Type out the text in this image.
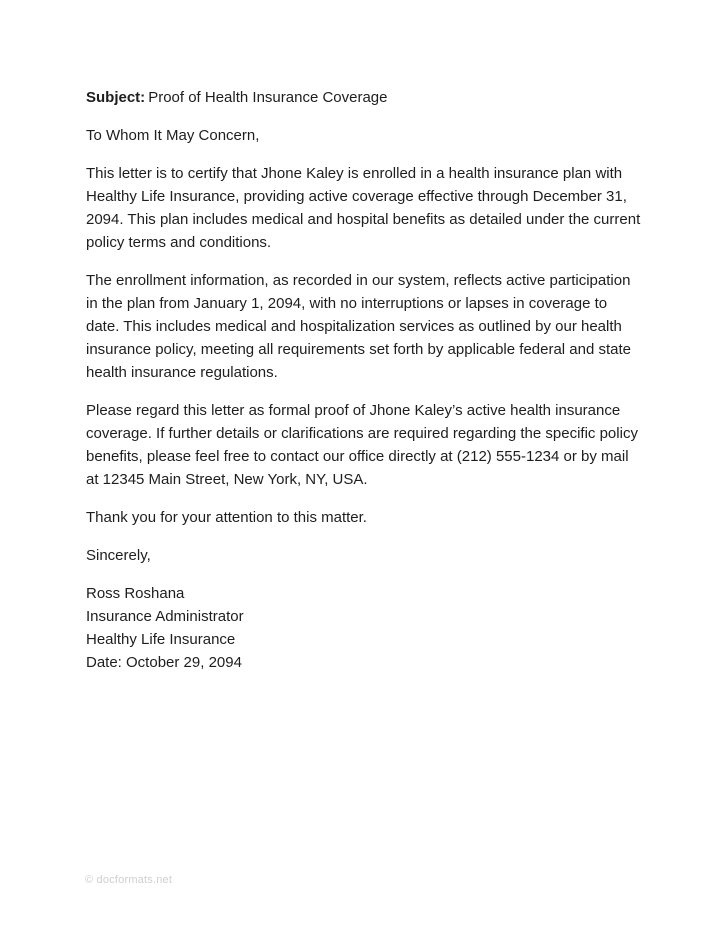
Subject: Proof of Health Insurance Coverage

To Whom It May Concern,

This letter is to certify that Jhone Kaley is enrolled in a health insurance plan with Healthy Life Insurance, providing active coverage effective through December 31, 2094. This plan includes medical and hospital benefits as detailed under the current policy terms and conditions.

The enrollment information, as recorded in our system, reflects active participation in the plan from January 1, 2094, with no interruptions or lapses in coverage to date. This includes medical and hospitalization services as outlined by our health insurance policy, meeting all requirements set forth by applicable federal and state health insurance regulations.

Please regard this letter as formal proof of Jhone Kaley’s active health insurance coverage. If further details or clarifications are required regarding the specific policy benefits, please feel free to contact our office directly at (212) 555-1234 or by mail at 12345 Main Street, New York, NY, USA.

Thank you for your attention to this matter.

Sincerely,

Ross Roshana

Insurance Administrator

Healthy Life Insurance

Date: October 29, 2094

© docformats.net
